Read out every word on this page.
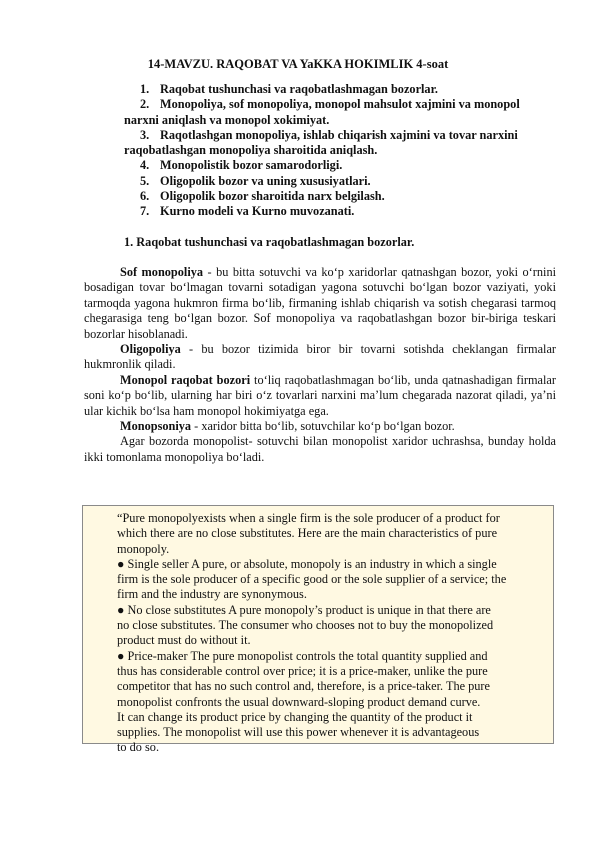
14-MAVZU. RAQOBAT VA YaKKA HOKIMLIK 4-soat
1. Raqobat tushunchasi va raqobatlashmagan bozorlar.
2. Monopoliya, sof monopoliya, monopol mahsulot xajmini va monopol
narxni aniqlash va monopol xokimiyat.
3. Raqotlashgan monopoliya, ishlab chiqarish xajmini va tovar narxini
raqobatlashgan monopoliya sharoitida aniqlash.
4. Monopolistik bozor samarodorligi.
5. Oligopolik bozor va uning xususiyatlari.
6. Oligopolik bozor sharoitida narx belgilash.
7. Kurno modeli va Kurno muvozanati.
1. Raqobat tushunchasi va raqobatlashmagan bozorlar.

Sof monopoliya - bu bitta sotuvchi va ko‘p xaridorlar qatnashgan bozor, yoki o‘rnini bosadigan tovar bo‘lmagan tovarni sotadigan yagona sotuvchi bo‘lgan bozor vaziyati, yoki tarmoqda yagona hukmron firma bo‘lib, firmaning ishlab chiqarish va sotish chegarasi tarmoq chegarasiga teng bo‘lgan bozor. Sof monopoliya va raqobatlashgan bozor bir-biriga teskari bozorlar hisoblanadi.

Oligopoliya - bu bozor tizimida biror bir tovarni sotishda cheklangan firmalar hukmronlik qiladi.

Monopol raqobat bozori to‘liq raqobatlashmagan bo‘lib, unda qatnashadigan firmalar soni ko‘p bo‘lib, ularning har biri o‘z tovarlari narxini ma’lum chegarada nazorat qiladi, ya’ni ular kichik bo‘lsa ham monopol hokimiyatga ega.

Monopsoniya - xaridor bitta bo‘lib, sotuvchilar ko‘p bo‘lgan bozor.

Agar bozorda monopolist- sotuvchi bilan monopolist xaridor uchrashsa, bunday holda ikki tomonlama monopoliya bo‘ladi.

“Pure monopolyexists when a single firm is the sole producer of a product for
which there are no close substitutes. Here are the main characteristics of pure
monopoly.
● Single seller A pure, or absolute, monopoly is an industry in which a single
firm is the sole producer of a specific good or the sole supplier of a service; the
firm and the industry are synonymous.
● No close substitutes A pure monopoly’s product is unique in that there are
no close substitutes. The consumer who chooses not to buy the monopolized
product must do without it.
● Price-maker The pure monopolist controls the total quantity supplied and
thus has considerable control over price; it is a price-maker, unlike the pure
competitor that has no such control and, therefore, is a price-taker. The pure
monopolist confronts the usual downward-sloping product demand curve.
It can change its product price by changing the quantity of the product it
supplies. The monopolist will use this power whenever it is advantageous
to do so.
